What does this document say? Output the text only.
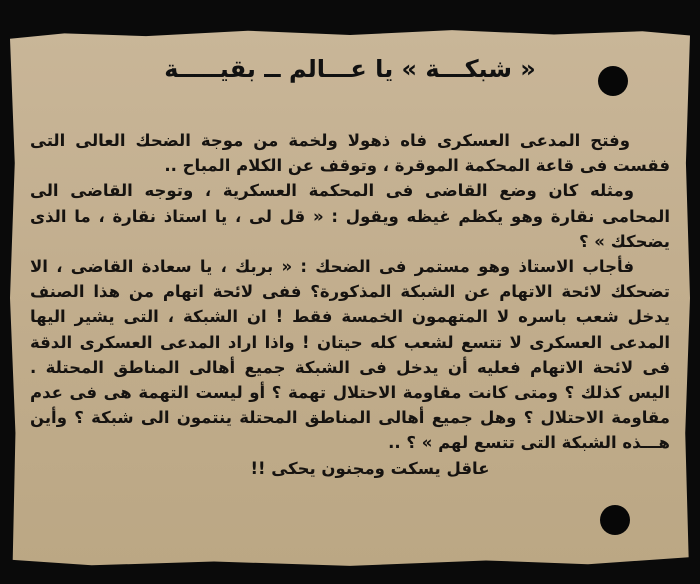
« شبكـــة » يا عـــالم ــ بقيـــــة

وفتح المدعى العسكرى فاه ذهولا ولخمة من موجة الضحك العالى التى فقست فى قاعة المحكمة الموقرة ، وتوقف عن الكلام المباح ..

ومثله كان وضع القاضى فى المحكمة العسكرية ، وتوجه القاضى الى المحامى نقارة وهو يكظم غيظه ويقول : « قل لى ، يا استاذ نقارة ، ما الذى يضحكك » ؟

فأجاب الاستاذ وهو مستمر فى الضحك : « بربك ، يا سعادة القاضى ، الا تضحكك لائحة الاتهام عن الشبكة المذكورة؟ ففى لائحة اتهام من هذا الصنف يدخل شعب باسره لا المتهمون الخمسة فقط ! ان الشبكة ، التى يشير اليها المدعى العسكرى لا تتسع لشعب كله حيتان ! واذا اراد المدعى العسكرى الدقة فى لائحة الاتهام فعليه أن يدخل فى الشبكة جميع أهالى المناطق المحتلة . اليس كذلك ؟ ومتى كانت مقاومة الاحتلال تهمة ؟ أو ليست التهمة هى فى عدم مقاومة الاحتلال ؟ وهل جميع أهالى المناطق المحتلة ينتمون الى شبكة ؟ وأين هـــذه الشبكة التى تتسع لهم » ؟ ..

عاقل يسكت ومجنون يحكى !!
